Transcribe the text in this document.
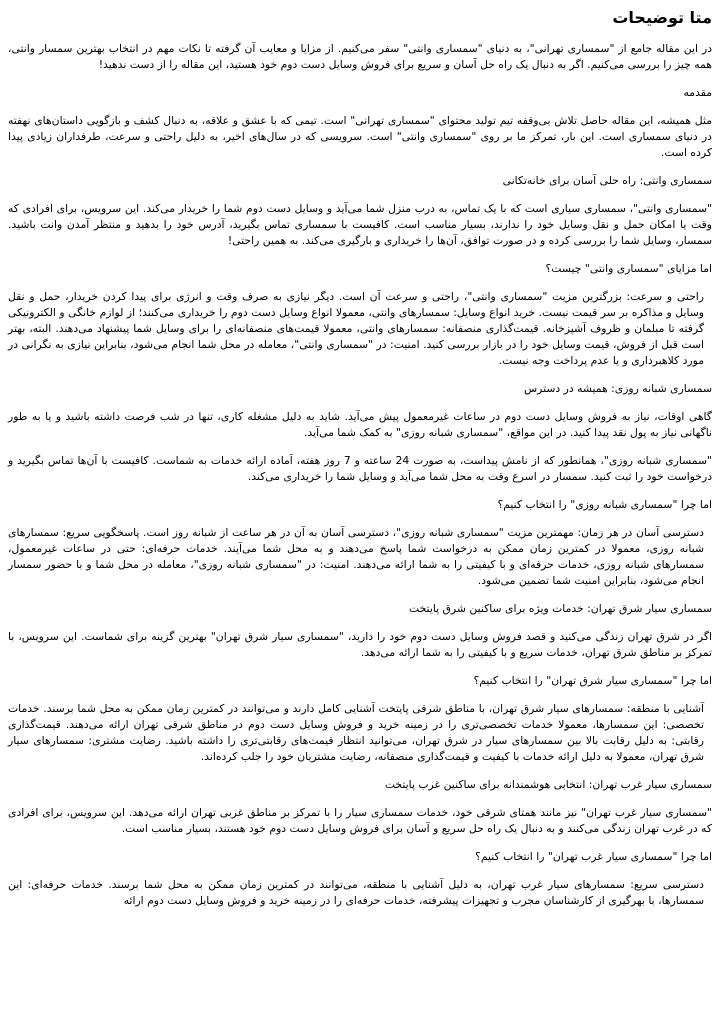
متا توضیحات

در این مقاله جامع از "سمساری تهرانی"، به دنیای "سمساری وانتی" سفر می‌کنیم. از مزایا و معایب آن گرفته تا نکات مهم در انتخاب بهترین سمسار وانتی، همه چیز را بررسی می‌کنیم. اگر به دنبال یک راه حل آسان و سریع برای فروش وسایل دست دوم خود هستید، این مقاله را از دست ندهید!

مقدمه

مثل همیشه، این مقاله حاصل تلاش بی‌وقفه تیم تولید محتوای "سمساری تهرانی" است. تیمی که با عشق و علاقه، به دنبال کشف و بازگویی داستان‌های نهفته در دنیای سمساری است. این بار، تمرکز ما بر روی "سمساری وانتی" است. سرویسی که در سال‌های اخیر، به دلیل راحتی و سرعت، طرفداران زیادی پیدا کرده است.

سمساری وانتی: راه حلی آسان برای خانه‌تکانی

"سمساری وانتی"، سمساری سیاری است که با یک تماس، به درب منزل شما می‌آید و وسایل دست دوم شما را خریدار می‌کند. این سرویس، برای افرادی که وقت یا امکان حمل و نقل وسایل خود را ندارند، بسیار مناسب است. کافیست با سمساری تماس بگیرید، آدرس خود را بدهید و منتظر آمدن وانت باشید. سمسار، وسایل شما را بررسی کرده و در صورت توافق، آن‌ها را خریداری و بارگیری می‌کند. به همین راحتی!

اما مزایای "سمساری وانتی" چیست؟

راحتی و سرعت: بزرگترین مزیت "سمساری وانتی"، راحتی و سرعت آن است. دیگر نیازی به صرف وقت و انرژی برای پیدا کردن خریدار، حمل و نقل وسایل و مذاکره بر سر قیمت نیست. خرید انواع وسایل: سمسارهای وانتی، معمولا انواع وسایل دست دوم را خریداری می‌کنند؛ از لوازم خانگی و الکترونیکی گرفته تا مبلمان و ظروف آشپزخانه. قیمت‌گذاری منصفانه: سمسارهای وانتی، معمولا قیمت‌های منصفانه‌ای را برای وسایل شما پیشنهاد می‌دهند. البته، بهتر است قبل از فروش، قیمت وسایل خود را در بازار بررسی کنید. امنیت: در "سمساری وانتی"، معامله در محل شما انجام می‌شود، بنابراین نیازی به نگرانی در مورد کلاهبرداری و یا عدم پرداخت وجه نیست.

سمساری شبانه روزی: همیشه در دسترس

گاهی اوقات، نیاز به فروش وسایل دست دوم در ساعات غیرمعمول پیش می‌آید. شاید به دلیل مشغله کاری، تنها در شب فرصت داشته باشید و یا به طور ناگهانی نیاز به پول نقد پیدا کنید. در این مواقع، "سمساری شبانه روزی" به کمک شما می‌آید.

"سمساری شبانه روزی"، همانطور که از نامش پیداست، به صورت 24 ساعته و 7 روز هفته، آماده ارائه خدمات به شماست. کافیست با آن‌ها تماس بگیرید و درخواست خود را ثبت کنید. سمسار در اسرع وقت به محل شما می‌آید و وسایل شما را خریداری می‌کند.

اما چرا "سمساری شبانه روزی" را انتخاب کنیم؟

دسترسی آسان در هر زمان: مهمترین مزیت "سمساری شبانه روزی"، دسترسی آسان به آن در هر ساعت از شبانه روز است. پاسخگویی سریع: سمسارهای شبانه روزی، معمولا در کمترین زمان ممکن به درخواست شما پاسخ می‌دهند و به محل شما می‌آیند. خدمات حرفه‌ای: حتی در ساعات غیرمعمول، سمسارهای شبانه روزی، خدمات حرفه‌ای و با کیفیتی را به شما ارائه می‌دهند. امنیت: در "سمساری شبانه روزی"، معامله در محل شما و با حضور سمسار انجام می‌شود، بنابراین امنیت شما تضمین می‌شود.

سمساری سیار شرق تهران: خدمات ویژه برای ساکنین شرق پایتخت

اگر در شرق تهران زندگی می‌کنید و قصد فروش وسایل دست دوم خود را دارید، "سمساری سیار شرق تهران" بهترین گزینه برای شماست. این سرویس، با تمرکز بر مناطق شرق تهران، خدمات سریع و با کیفیتی را به شما ارائه می‌دهد.

اما چرا "سمساری سیار شرق تهران" را انتخاب کنیم؟

آشنایی با منطقه: سمسارهای سیار شرق تهران، با مناطق شرقی پایتخت آشنایی کامل دارند و می‌توانند در کمترین زمان ممکن به محل شما برسند. خدمات تخصصی: این سمسارها، معمولا خدمات تخصصی‌تری را در زمینه خرید و فروش وسایل دست دوم در مناطق شرقی تهران ارائه می‌دهند. قیمت‌گذاری رقابتی: به دلیل رقابت بالا بین سمسارهای سیار در شرق تهران، می‌توانید انتظار قیمت‌های رقابتی‌تری را داشته باشید. رضایت مشتری: سمسارهای سیار شرق تهران، معمولا به دلیل ارائه خدمات با کیفیت و قیمت‌گذاری منصفانه، رضایت مشتریان خود را جلب کرده‌اند.

سمساری سیار غرب تهران: انتخابی هوشمندانه برای ساکنین غرب پایتخت

"سمساری سیار غرب تهران" نیز مانند همتای شرقی خود، خدمات سمساری سیار را با تمرکز بر مناطق غربی تهران ارائه می‌دهد. این سرویس، برای افرادی که در غرب تهران زندگی می‌کنند و به دنبال یک راه حل سریع و آسان برای فروش وسایل دست دوم خود هستند، بسیار مناسب است.

اما چرا "سمساری سیار غرب تهران" را انتخاب کنیم؟

دسترسی سریع: سمسارهای سیار غرب تهران، به دلیل آشنایی با منطقه، می‌توانند در کمترین زمان ممکن به محل شما برسند. خدمات حرفه‌ای: این سمسارها، با بهرگیری از کارشناسان مجرب و تجهیزات پیشرفته، خدمات حرفه‌ای را در زمینه خرید و فروش وسایل دست دوم ارائه
